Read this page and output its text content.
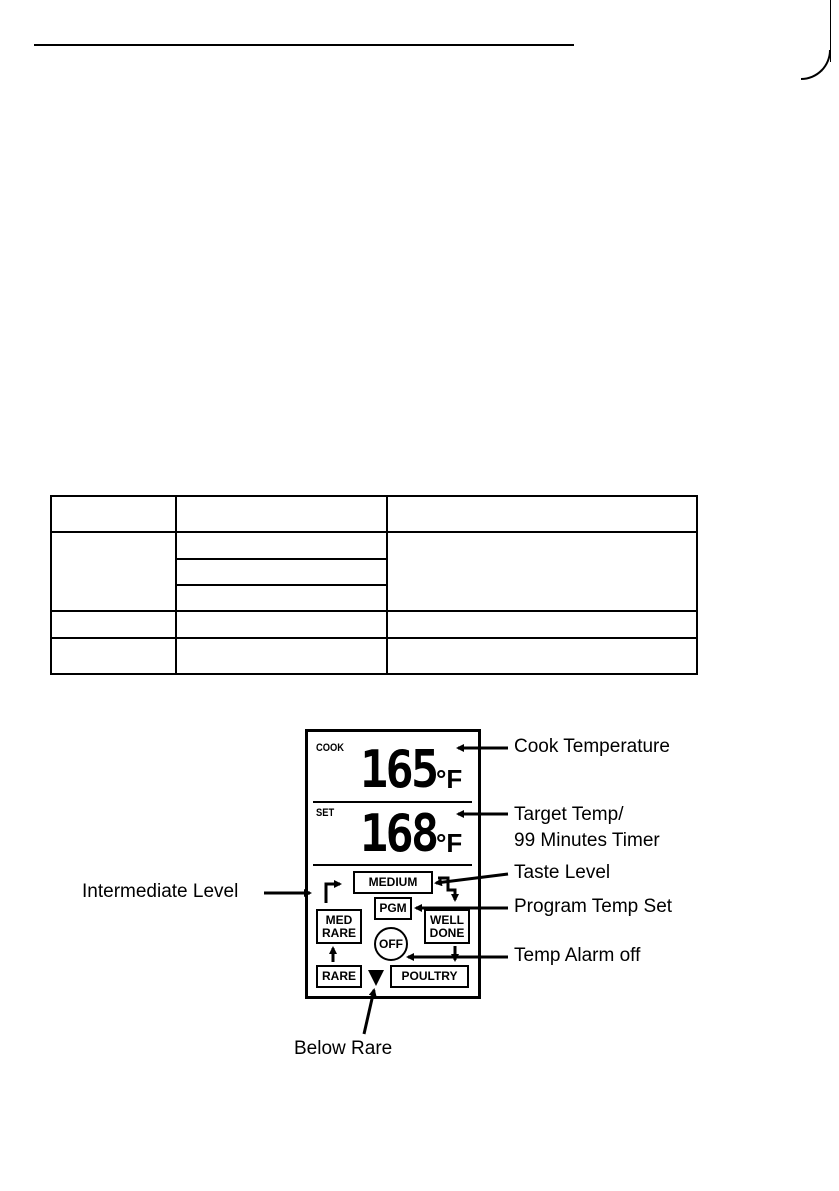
COOK 165 °F
SET 168 °F
MEDIUM
PGM
MED
RARE
WELL
DONE
OFF
RARE	POULTRY
Cook Temperature
Target Temp/
99 Minutes Timer
Taste Level
Program Temp Set
Temp Alarm off
Intermediate Level
Below Rare
